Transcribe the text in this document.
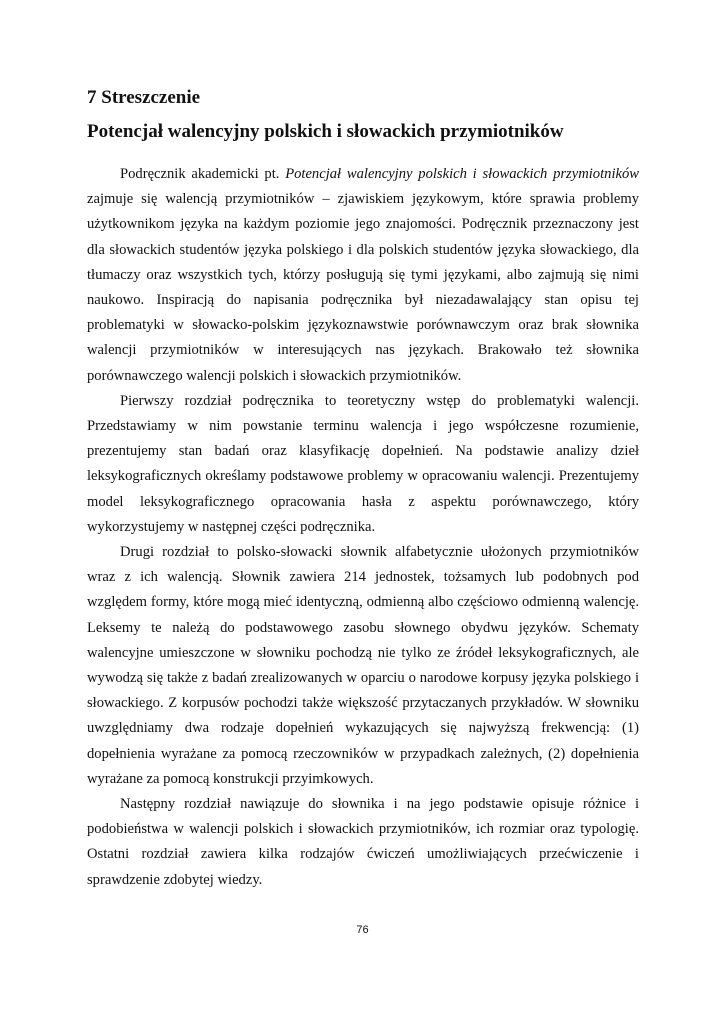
7 Streszczenie
Potencjał walencyjny polskich i słowackich przymiotników

Podręcznik akademicki pt. Potencjał walencyjny polskich i słowackich przymiotników zajmuje się walencją przymiotników – zjawiskiem językowym, które sprawia problemy użytkownikom języka na każdym poziomie jego znajomości. Podręcznik przeznaczony jest dla słowackich studentów języka polskiego i dla polskich studentów języka słowackiego, dla tłumaczy oraz wszystkich tych, którzy posługują się tymi językami, albo zajmują się nimi naukowo. Inspiracją do napisania podręcznika był niezadawalający stan opisu tej problematyki w słowacko-polskim językoznawstwie porównawczym oraz brak słownika walencji przymiotników w interesujących nas językach. Brakowało też słownika porównawczego walencji polskich i słowackich przymiotników.

Pierwszy rozdział podręcznika to teoretyczny wstęp do problematyki walencji. Przedstawiamy w nim powstanie terminu walencja i jego współczesne rozumienie, prezentujemy stan badań oraz klasyfikację dopełnień. Na podstawie analizy dzieł leksykograficznych określamy podstawowe problemy w opracowaniu walencji. Prezentujemy model leksykograficznego opracowania hasła z aspektu porównawczego, który wykorzystujemy w następnej części podręcznika.

Drugi rozdział to polsko-słowacki słownik alfabetycznie ułożonych przymiotników wraz z ich walencją. Słownik zawiera 214 jednostek, tożsamych lub podobnych pod względem formy, które mogą mieć identyczną, odmienną albo częściowo odmienną walencję. Leksemy te należą do podstawowego zasobu słownego obydwu języków. Schematy walencyjne umieszczone w słowniku pochodzą nie tylko ze źródeł leksykograficznych, ale wywodzą się także z badań zrealizowanych w oparciu o narodowe korpusy języka polskiego i słowackiego. Z korpusów pochodzi także większość przytaczanych przykładów. W słowniku uwzględniamy dwa rodzaje dopełnień wykazujących się najwyższą frekwencją: (1) dopełnienia wyrażane za pomocą rzeczowników w przypadkach zależnych, (2) dopełnienia wyrażane za pomocą konstrukcji przyimkowych.

Następny rozdział nawiązuje do słownika i na jego podstawie opisuje różnice i podobieństwa w walencji polskich i słowackich przymiotników, ich rozmiar oraz typologię. Ostatni rozdział zawiera kilka rodzajów ćwiczeń umożliwiających przećwiczenie i sprawdzenie zdobytej wiedzy.

76
